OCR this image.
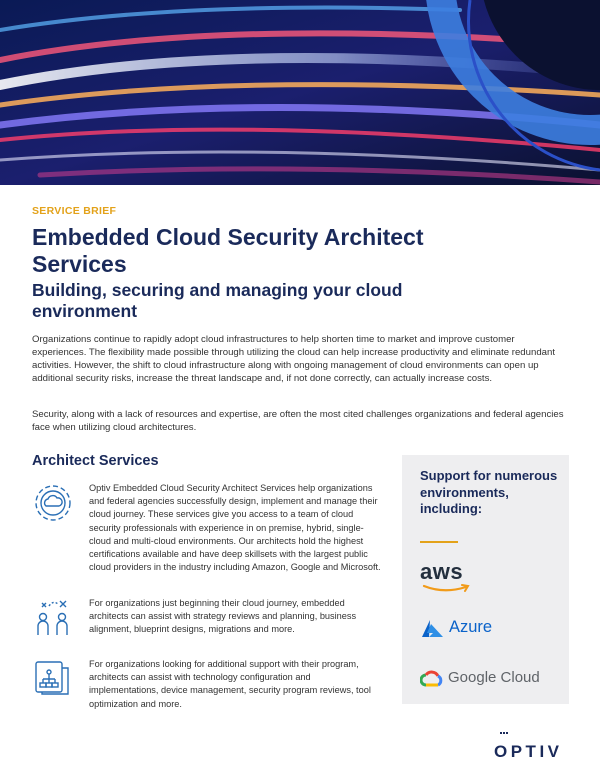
SERVICE BRIEF
Embedded Cloud Security Architect Services
Building, securing and managing your cloud environment

Organizations continue to rapidly adopt cloud infrastructures to help shorten time to market and improve customer experiences. The flexibility made possible through utilizing the cloud can help increase productivity and eliminate redundant activities. However, the shift to cloud infrastructure along with ongoing management of cloud environments can open up additional security risks, increase the threat landscape and, if not done correctly, can actually increase costs.

Security, along with a lack of resources and expertise, are often the most cited challenges organizations and federal agencies face when utilizing cloud architectures.

Architect Services

Optiv Embedded Cloud Security Architect Services help organizations and federal agencies successfully design, implement and manage their cloud journey. These services give you access to a team of cloud security professionals with experience in on premise, hybrid, single-cloud and multi-cloud environments. Our architects hold the highest certifications available and have deep skillsets with the largest public cloud providers in the industry including Amazon, Google and Microsoft.

For organizations just beginning their cloud journey, embedded architects can assist with strategy reviews and planning, business alignment, blueprint designs, migrations and more.

For organizations looking for additional support with their program, architects can assist with technology configuration and implementations, device management, security program reviews, tool optimization and more.

Support for numerous environments, including:
aws
Azure
Google Cloud
OPTIV
